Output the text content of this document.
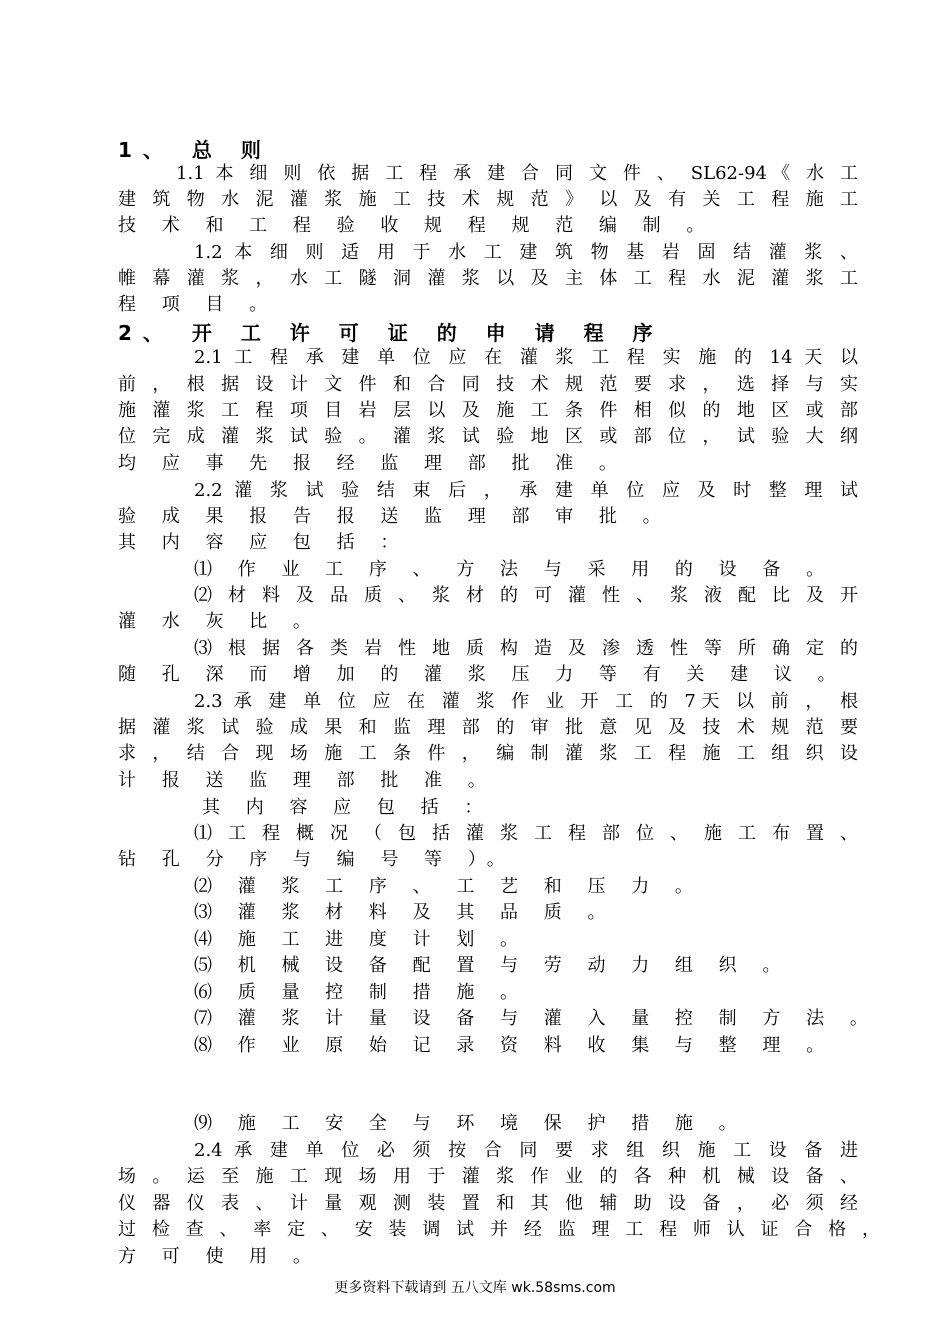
1、 总 则
1.1 本 细 则 依 据 工 程 承 建 合 同 文 件 、 SL62-94《 水 工
建 筑 物 水 泥 灌 浆 施 工 技 术 规 范 》 以 及 有 关 工 程 施 工
技 术 和 工 程 验 收 规 程 规 范 编 制 。
1.2 本 细 则 适 用 于 水 工 建 筑 物 基 岩 固 结 灌 浆 、
帷 幕 灌 浆 ， 水 工 隧 洞 灌 浆 以 及 主 体 工 程 水 泥 灌 浆 工
程 项 目 。
2、 开 工 许 可 证 的 申 请 程 序
2.1 工 程 承 建 单 位 应 在 灌 浆 工 程 实 施 的 14 天 以
前 ， 根 据 设 计 文 件 和 合 同 技 术 规 范 要 求 ， 选 择 与 实
施 灌 浆 工 程 项 目 岩 层 以 及 施 工 条 件 相 似 的 地 区 或 部
位 完 成 灌 浆 试 验 。 灌 浆 试 验 地 区 或 部 位 ， 试 验 大 纲
均 应 事 先 报 经 监 理 部 批 准 。
2.2 灌 浆 试 验 结 束 后 ， 承 建 单 位 应 及 时 整 理 试
验 成 果 报 告 报 送 监 理 部 审 批 。
其 内 容 应 包 括 ：
⑴ 作 业 工 序 、 方 法 与 采 用 的 设 备 。
⑵ 材 料 及 品 质 、 浆 材 的 可 灌 性 、 浆 液 配 比 及 开
灌 水 灰 比 。
⑶ 根 据 各 类 岩 性 地 质 构 造 及 渗 透 性 等 所 确 定 的
随 孔 深 而 增 加 的 灌 浆 压 力 等 有 关 建 议 。
2.3 承 建 单 位 应 在 灌 浆 作 业 开 工 的 7天 以 前 ， 根
据 灌 浆 试 验 成 果 和 监 理 部 的 审 批 意 见 及 技 术 规 范 要
求 ， 结 合 现 场 施 工 条 件 ， 编 制 灌 浆 工 程 施 工 组 织 设
计 报 送 监 理 部 批 准 。
其 内 容 应 包 括 ：
⑴ 工 程 概 况 （ 包 括 灌 浆 工 程 部 位 、 施 工 布 置 、
钻 孔 分 序 与 编 号 等 ）。
⑵ 灌 浆 工 序 、 工 艺 和 压 力 。
⑶ 灌 浆 材 料 及 其 品 质 。
⑷ 施 工 进 度 计 划 。
⑸ 机 械 设 备 配 置 与 劳 动 力 组 织 。
⑹ 质 量 控 制 措 施 。
⑺ 灌 浆 计 量 设 备 与 灌 入 量 控 制 方 法 。
⑻ 作 业 原 始 记 录 资 料 收 集 与 整 理 。
⑼ 施 工 安 全 与 环 境 保 护 措 施 。
2.4 承 建 单 位 必 须 按 合 同 要 求 组 织 施 工 设 备 进
场 。 运 至 施 工 现 场 用 于 灌 浆 作 业 的 各 种 机 械 设 备 、
仪 器 仪 表 、 计 量 观 测 装 置 和 其 他 辅 助 设 备 ， 必 须 经
过 检 查 、 率 定 、 安 装 调 试 并 经 监 理 工 程 师 认 证 合 格 ，
方 可 使 用 。
更多资料下载请到 五八文库 wk.58sms.com
